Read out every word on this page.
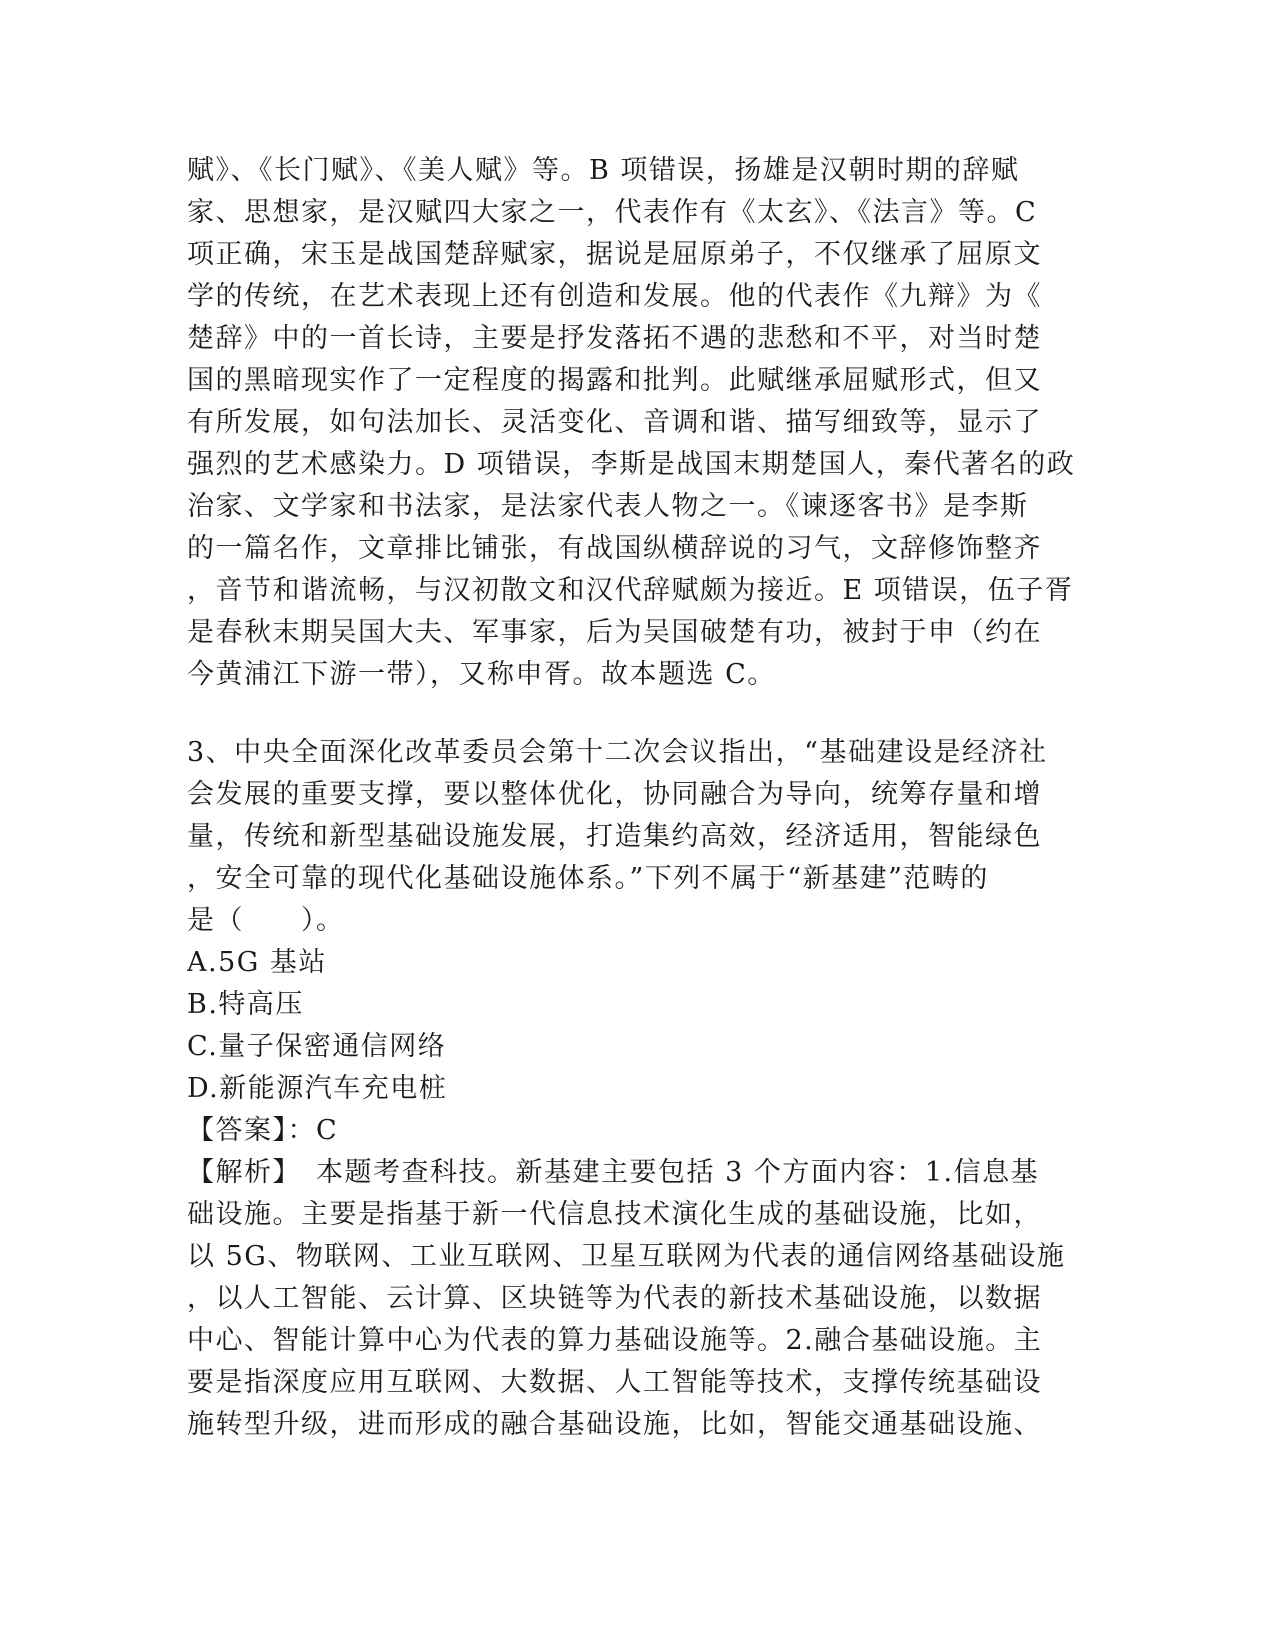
赋》、《长门赋》、《美人赋》等。B 项错误，扬雄是汉朝时期的辞赋
家、思想家，是汉赋四大家之一，代表作有《太玄》、《法言》等。C
项正确，宋玉是战国楚辞赋家，据说是屈原弟子，不仅继承了屈原文
学的传统，在艺术表现上还有创造和发展。他的代表作《九辩》为《
楚辞》中的一首长诗，主要是抒发落拓不遇的悲愁和不平，对当时楚
国的黑暗现实作了一定程度的揭露和批判。此赋继承屈赋形式，但又
有所发展，如句法加长、灵活变化、音调和谐、描写细致等，显示了
强烈的艺术感染力。D 项错误，李斯是战国末期楚国人，秦代著名的政
治家、文学家和书法家，是法家代表人物之一。《谏逐客书》是李斯
的一篇名作，文章排比铺张，有战国纵横辞说的习气，文辞修饰整齐
，音节和谐流畅，与汉初散文和汉代辞赋颇为接近。E 项错误，伍子胥
是春秋末期吴国大夫、军事家，后为吴国破楚有功，被封于申（约在
今黄浦江下游一带），又称申胥。故本题选 C。
3、中央全面深化改革委员会第十二次会议指出，“基础建设是经济社
会发展的重要支撑，要以整体优化，协同融合为导向，统筹存量和增
量，传统和新型基础设施发展，打造集约高效，经济适用，智能绿色
，安全可靠的现代化基础设施体系。”下列不属于“新基建”范畴的
是（　　）。
A.5G 基站
B.特高压
C.量子保密通信网络
D.新能源汽车充电桩
【答案】：C
【解析】　本题考查科技。新基建主要包括 3 个方面内容：1.信息基
础设施。主要是指基于新一代信息技术演化生成的基础设施，比如，
以 5G、物联网、工业互联网、卫星互联网为代表的通信网络基础设施
，以人工智能、云计算、区块链等为代表的新技术基础设施，以数据
中心、智能计算中心为代表的算力基础设施等。2.融合基础设施。主
要是指深度应用互联网、大数据、人工智能等技术，支撑传统基础设
施转型升级，进而形成的融合基础设施，比如，智能交通基础设施、
